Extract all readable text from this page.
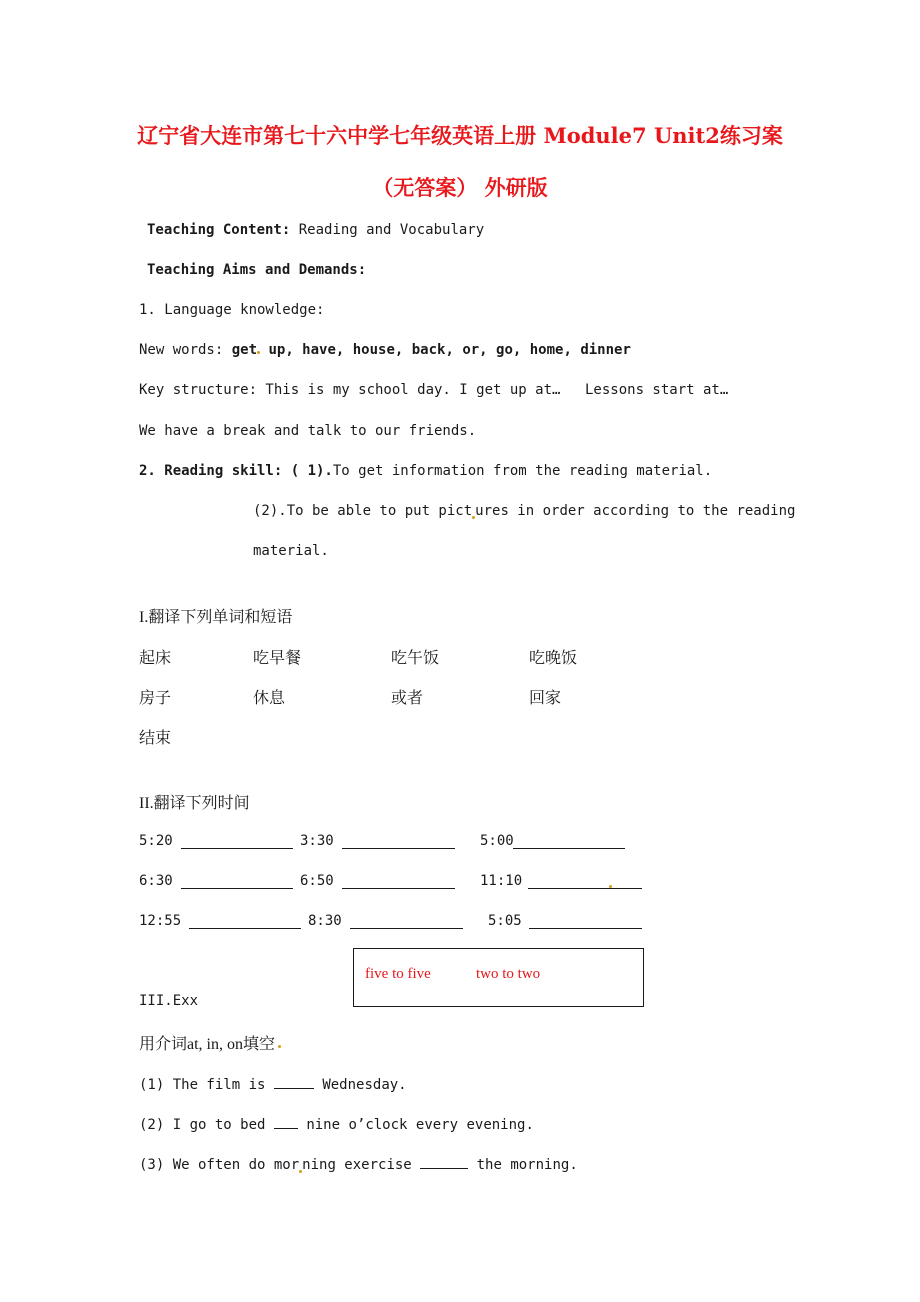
辽宁省大连市第七十六中学七年级英语上册 Module7 Unit2练习案
（无答案） 外研版
Teaching Content: Reading and Vocabulary
Teaching Aims and Demands:
1. Language knowledge:
New words: get up, have, house, back, or, go, home, dinner
Key structure: This is my school day. I get up at… Lessons start at…
We have a break and talk to our friends.
2. Reading skill: ( 1).To get information from the reading material.
(2).To be able to put pict ures in order according to the reading
material.
I.翻译下列单词和短语
起床	吃早餐	吃午饭	吃晚饭
房子	休息	或者	回家
结束
II.翻译下列时间
5:20	3:30	5:00
6:30	6:50	11:10
12:55	8:30	5:05
five to five	two to two
III.Exx
用介词at, in, on填空
(1) The film is	Wednesday.
(2) I go to bed	nine o’clock every evening.
(3) We often do mor ning exercise	the morning.
